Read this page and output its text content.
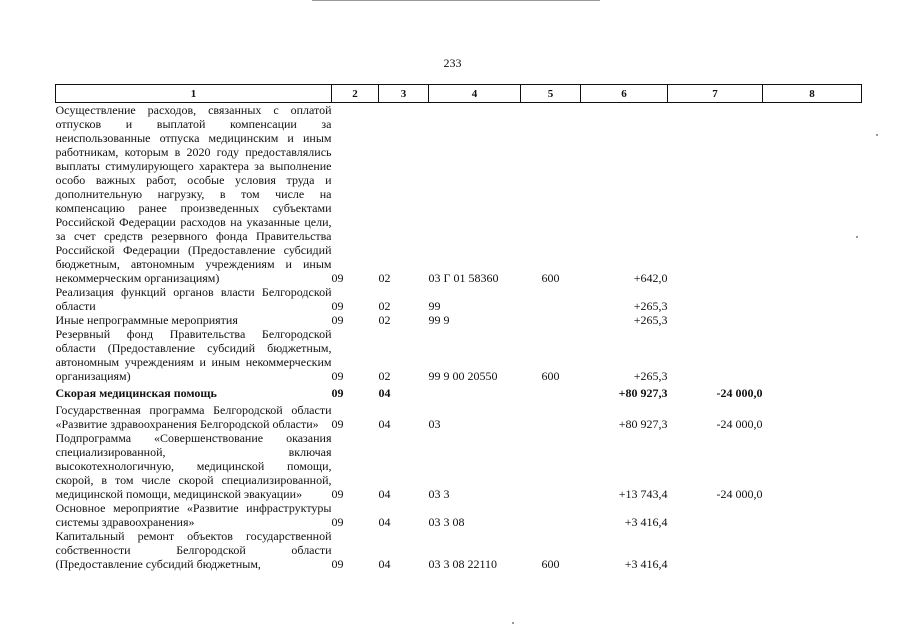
233
1	2	3	4	5	6	7	8
Осуществление расходов, связанных с оплатой отпусков и выплатой компенсации за неиспользованные отпуска медицинским и иным работникам, которым в 2020 году предоставлялись выплаты стимулирующего характера за выполнение особо важных работ, особые условия труда и дополнительную нагрузку, в том числе на компенсацию ранее произведенных субъектами Российской Федерации расходов на указанные цели, за счет средств резервного фонда Правительства Российской Федерации (Предоставление субсидий бюджетным, автономным учреждениям и иным некоммерческим организациям)	09	02	03 Г 01 58360	600	+642,0		
Реализация функций органов власти Белгородской области	09	02	99		+265,3		
Иные непрограммные мероприятия	09	02	99 9		+265,3		
Резервный фонд Правительства Белгородской области (Предоставление субсидий бюджетным, автономным учреждениям и иным некоммерческим организациям)	09	02	99 9 00 20550	600	+265,3		
Скорая медицинская помощь	09	04			+80 927,3	-24 000,0	
Государственная программа Белгородской области «Развитие здравоохранения Белгородской области»	09	04	03		+80 927,3	-24 000,0	
Подпрограмма «Совершенствование оказания специализированной, включая высокотехнологичную, медицинской помощи, скорой, в том числе скорой специализированной, медицинской помощи, медицинской эвакуации»	09	04	03 3		+13 743,4	-24 000,0	
Основное мероприятие «Развитие инфраструктуры системы здравоохранения»	09	04	03 3 08		+3 416,4		
Капитальный ремонт объектов государственной собственности Белгородской области (Предоставление субсидий бюджетным,	09	04	03 3 08 22110	600	+3 416,4		
